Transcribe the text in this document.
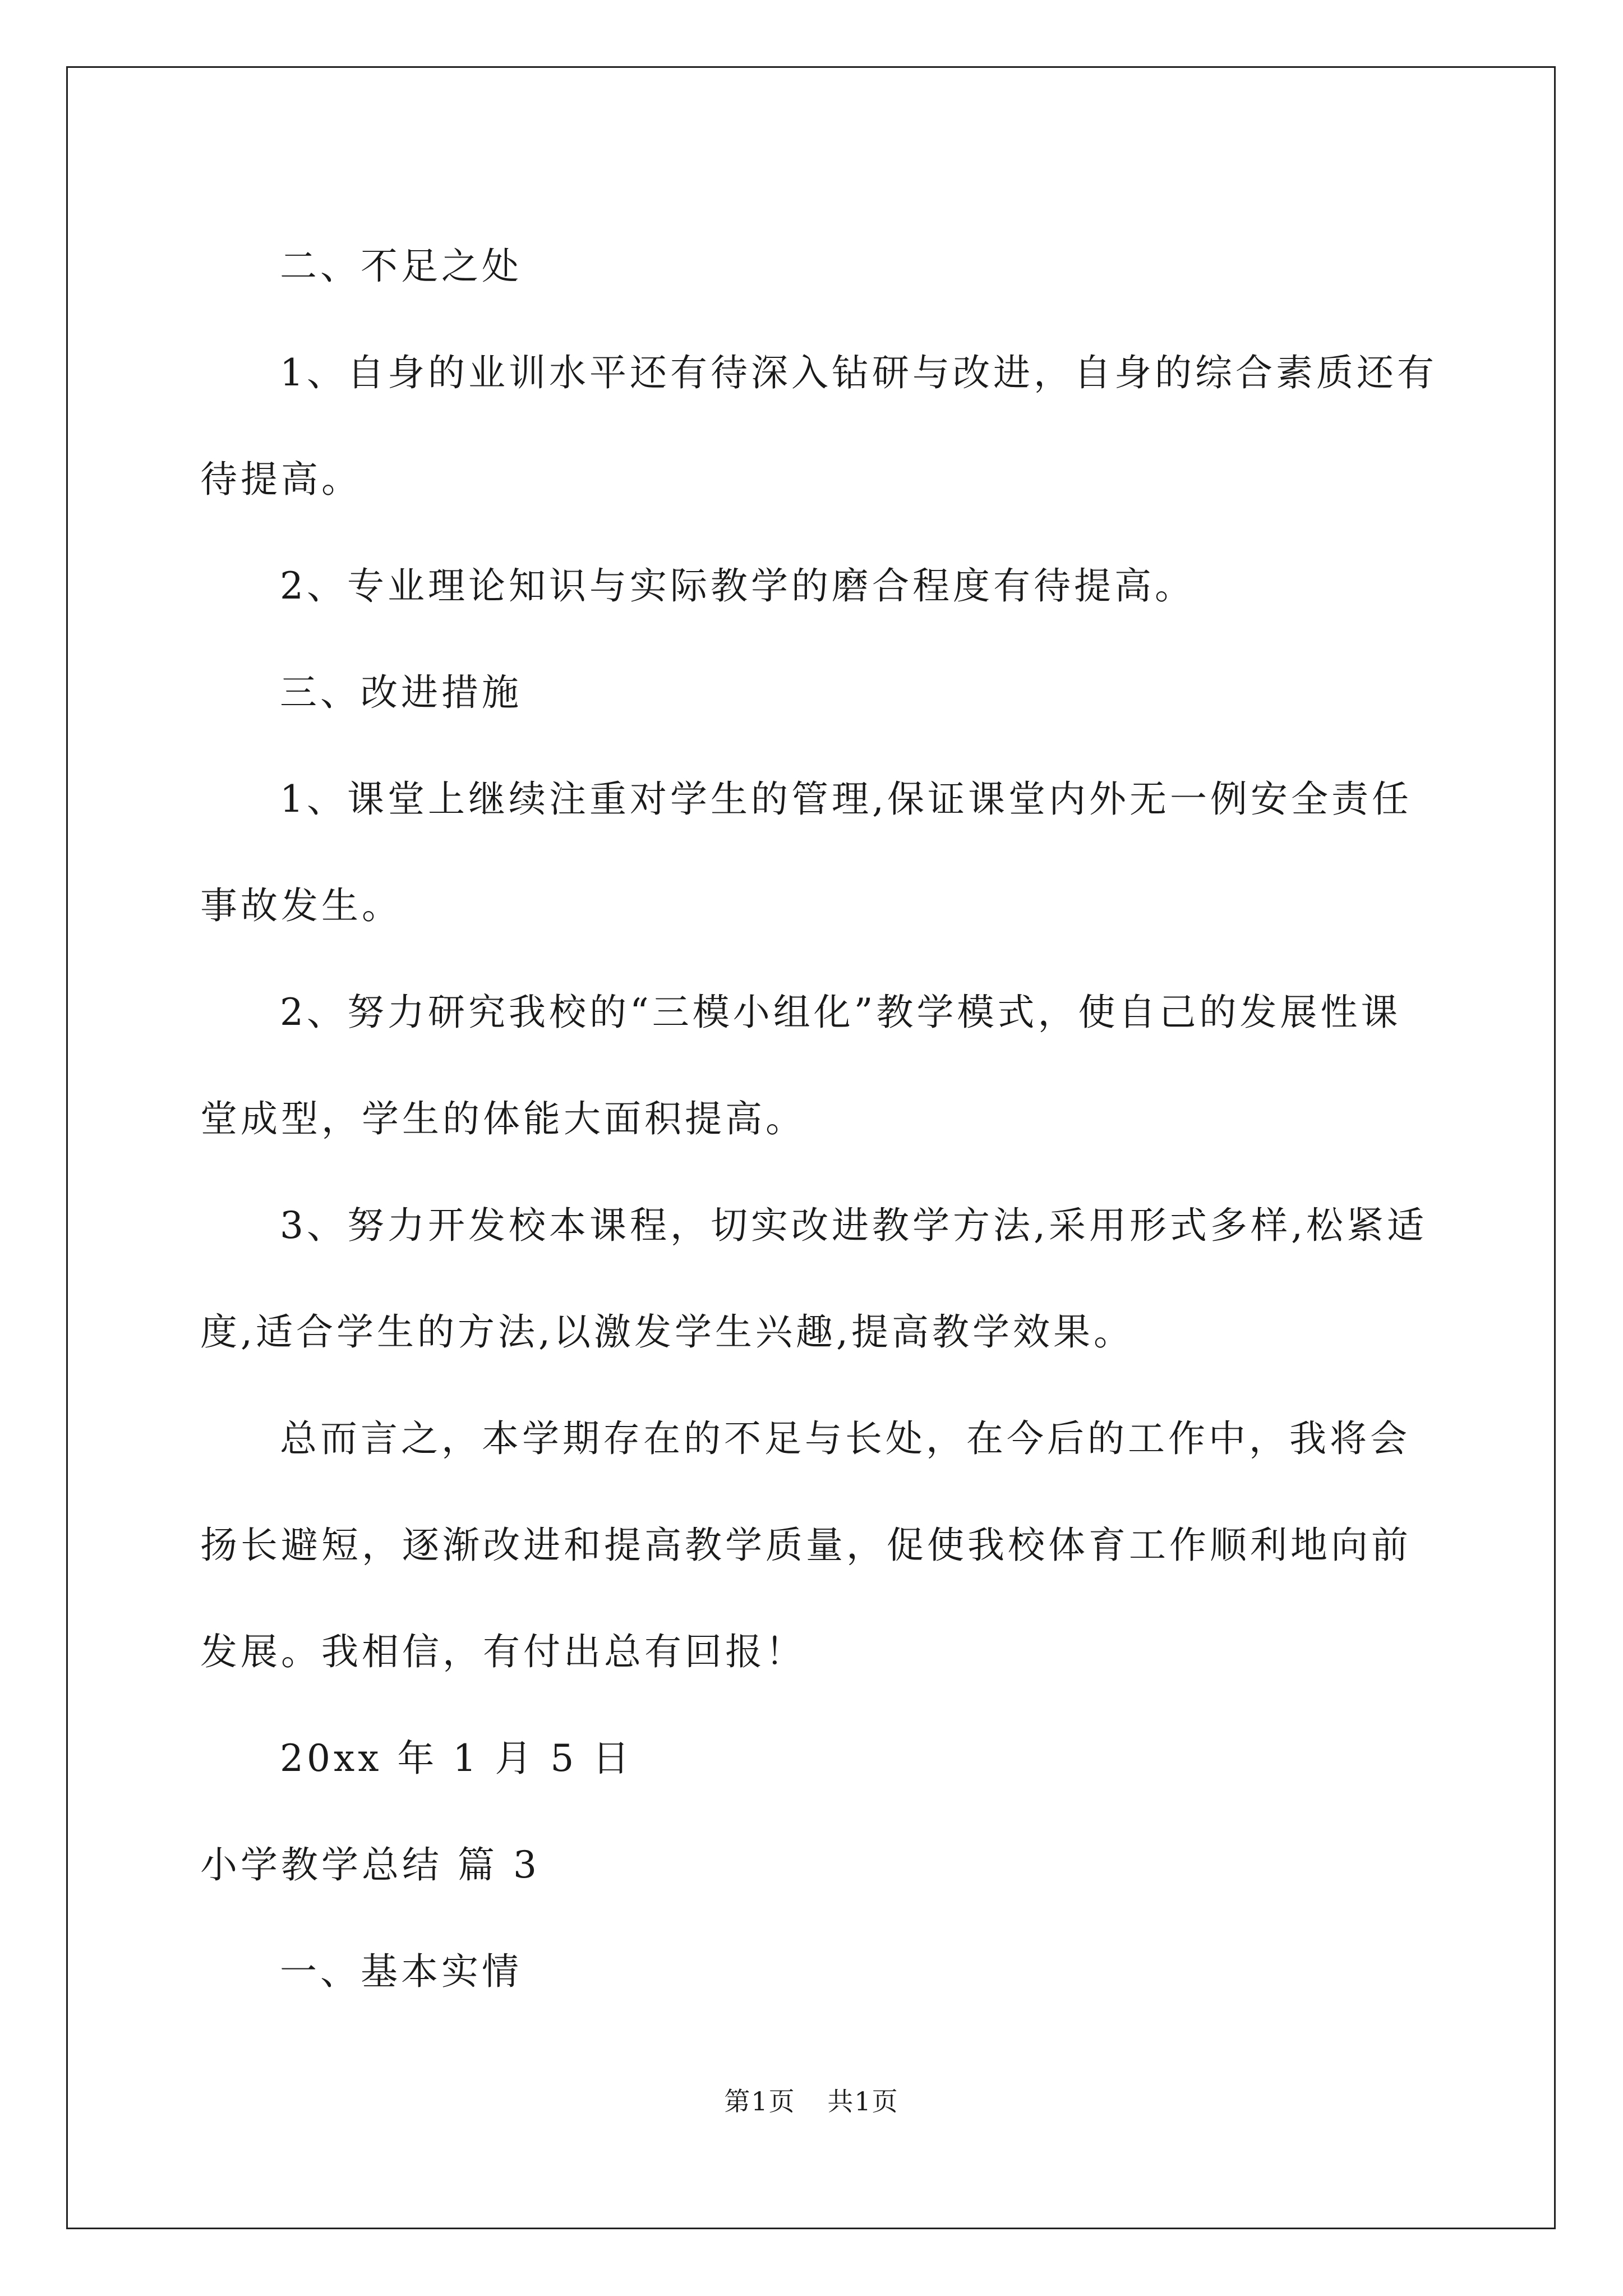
二、不足之处
1、自身的业训水平还有待深入钻研与改进，自身的综合素质还有
待提高。
2、专业理论知识与实际教学的磨合程度有待提高。
三、改进措施
1、课堂上继续注重对学生的管理,保证课堂内外无一例安全责任
事故发生。
2、努力研究我校的“三模小组化”教学模式，使自己的发展性课
堂成型，学生的体能大面积提高。
3、努力开发校本课程，切实改进教学方法,采用形式多样,松紧适
度,适合学生的方法,以激发学生兴趣,提高教学效果。
总而言之，本学期存在的不足与长处，在今后的工作中，我将会
扬长避短，逐渐改进和提高教学质量，促使我校体育工作顺利地向前
发展。我相信，有付出总有回报！
20xx 年 1 月 5 日
小学教学总结 篇 3
一、基本实情
第1页 共1页
